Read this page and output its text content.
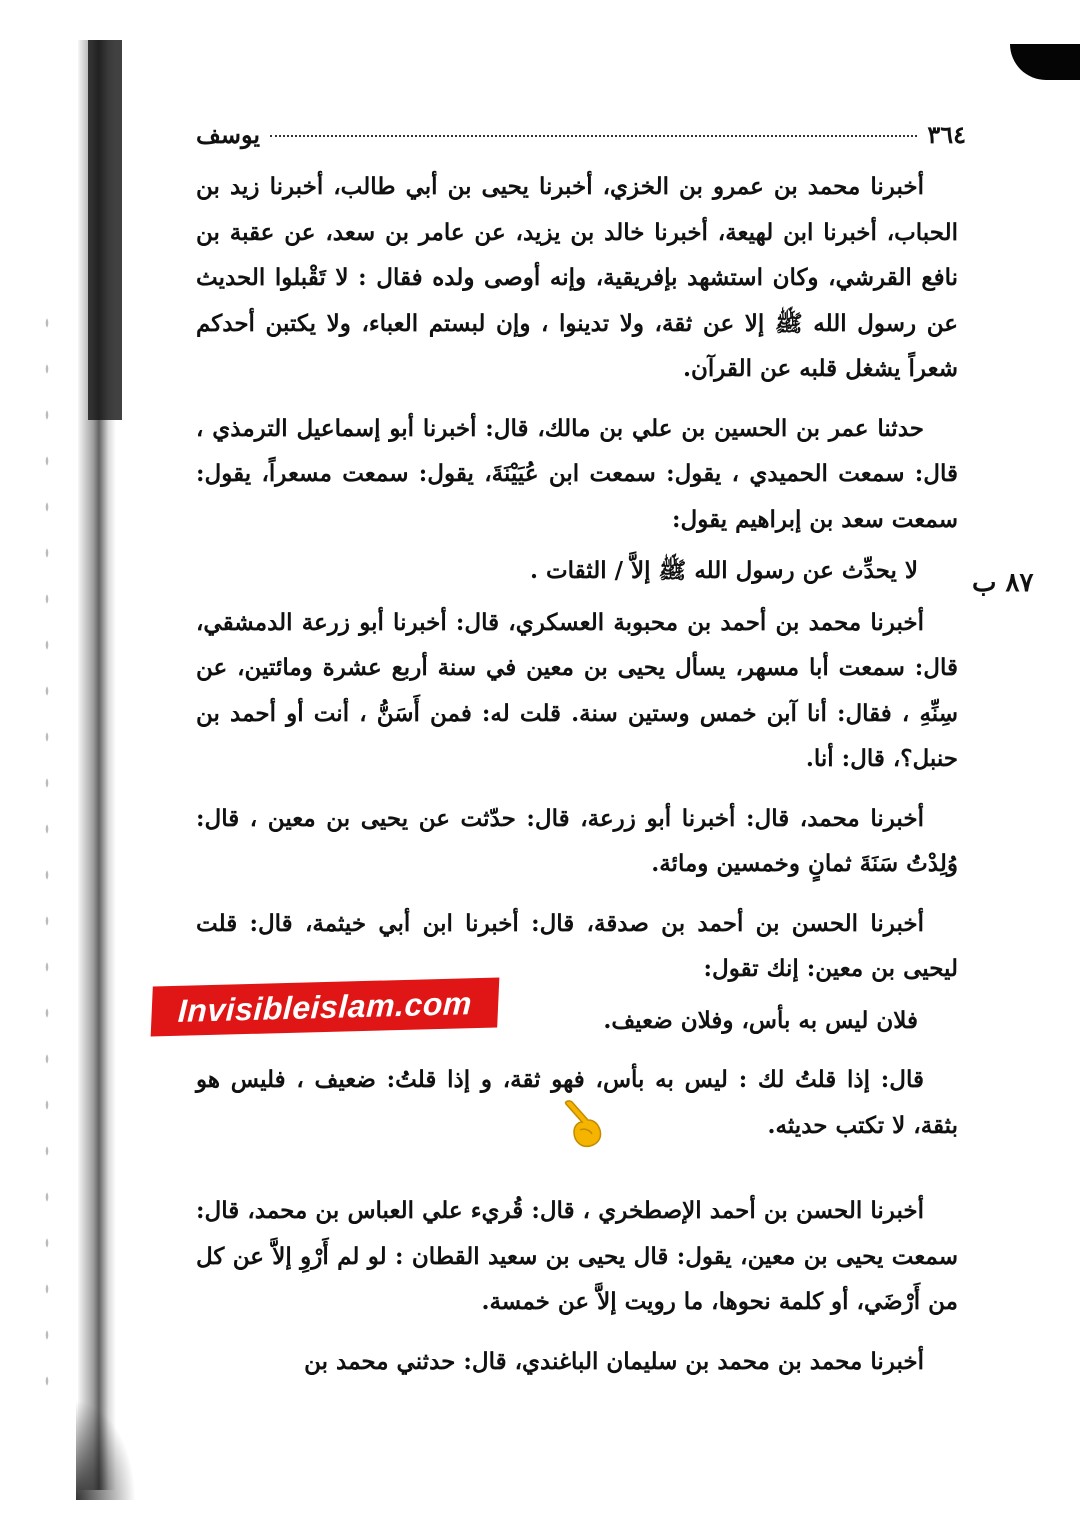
٣٦٤
يوسف
٨٧ ب

أخبرنا محمد بن عمرو بن الخزي، أخبرنا يحيى بن أبي طالب، أخبرنا زيد بن الحباب، أخبرنا ابن لهيعة، أخبرنا خالد بن يزيد، عن عامر بن سعد، عن عقبة بن نافع القرشي، وكان استشهد بإفريقية، وإنه أوصى ولده فقال : لا تَقْبلوا الحديث عن رسول الله ﷺ إلا عن ثقة، ولا تدينوا ، وإن لبستم العباء، ولا يكتبن أحدكم شعراً يشغل قلبه عن القرآن.

حدثنا عمر بن الحسين بن علي بن مالك، قال: أخبرنا أبو إسماعيل الترمذي ، قال: سمعت الحميدي ، يقول: سمعت ابن عُيَيْنَةَ، يقول: سمعت مسعراً، يقول: سمعت سعد بن إبراهيم يقول:

لا يحدِّث عن رسول الله ﷺ إلاَّ / الثقات .

أخبرنا محمد بن أحمد بن محبوبة العسكري، قال: أخبرنا أبو زرعة الدمشقي، قال: سمعت أبا مسهر، يسأل يحيى بن معين في سنة أربع عشرة ومائتين، عن سِنِّهِ ، فقال: أنا آبن خمس وستين سنة. قلت له: فمن أَسَنُّ ، أنت أو أحمد بن حنبل؟، قال: أنا.

أخبرنا محمد، قال: أخبرنا أبو زرعة، قال: حدّثت عن يحيى بن معين ، قال: وُلِدْتُ سَنَةَ ثمانٍ وخمسين ومائة.

أخبرنا الحسن بن أحمد بن صدقة، قال: أخبرنا ابن أبي خيثمة، قال: قلت ليحيى بن معين: إنك تقول:

فلان ليس به بأس، وفلان ضعيف.

قال: إذا قلتُ لك : ليس به بأس، فهو ثقة، و إذا قلتُ: ضعيف ، فليس هو بثقة، لا تكتب حديثه.

أخبرنا الحسن بن أحمد الإصطخري ، قال: قُريء علي العباس بن محمد، قال: سمعت يحيى بن معين، يقول: قال يحيى بن سعيد القطان : لو لم أَرْوِ إلاَّ عن كل من أَرْضَي، أو كلمة نحوها، ما رويت إلاَّ عن خمسة.

أخبرنا محمد بن محمد بن سليمان الباغندي، قال: حدثني محمد بن

Invisibleislam.com
